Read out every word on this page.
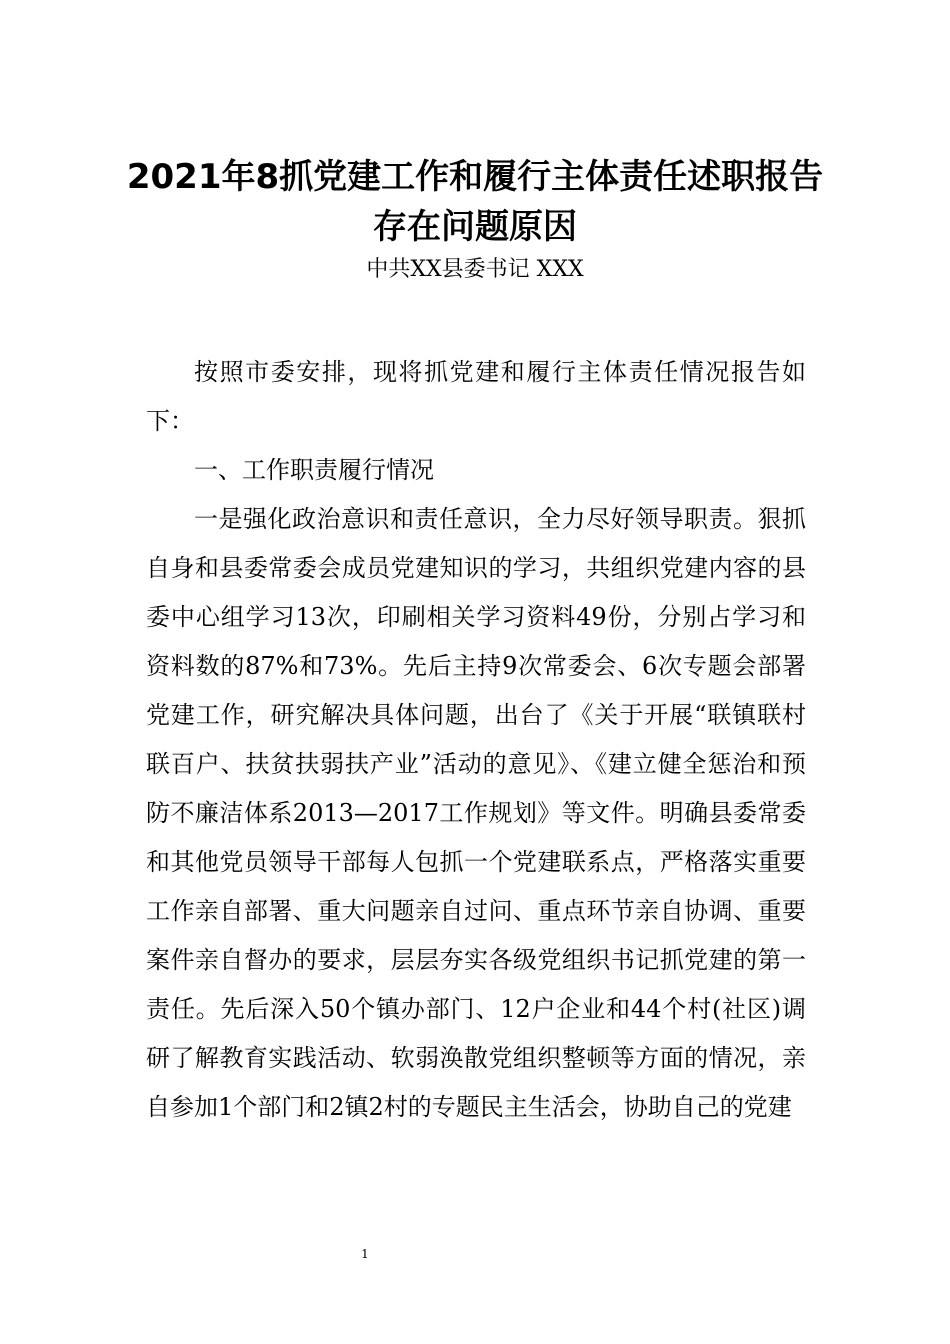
2021年8抓党建工作和履行主体责任述职报告存在问题原因
中共XX县委书记 XXX

按照市委安排，现将抓党建和履行主体责任情况报告如下：

一、工作职责履行情况

一是强化政治意识和责任意识，全力尽好领导职责。狠抓自身和县委常委会成员党建知识的学习，共组织党建内容的县委中心组学习13次，印刷相关学习资料49份，分别占学习和资料数的87%和73%。先后主持9次常委会、6次专题会部署党建工作，研究解决具体问题，出台了《关于开展“联镇联村联百户、扶贫扶弱扶产业”活动的意见》、《建立健全惩治和预防不廉洁体系2013—2017工作规划》等文件。明确县委常委和其他党员领导干部每人包抓一个党建联系点，严格落实重要工作亲自部署、重大问题亲自过问、重点环节亲自协调、重要案件亲自督办的要求，层层夯实各级党组织书记抓党建的第一责任。先后深入50个镇办部门、12户企业和44个村(社区)调研了解教育实践活动、软弱涣散党组织整顿等方面的情况，亲自参加1个部门和2镇2村的专题民主生活会，协助自己的党建

1
